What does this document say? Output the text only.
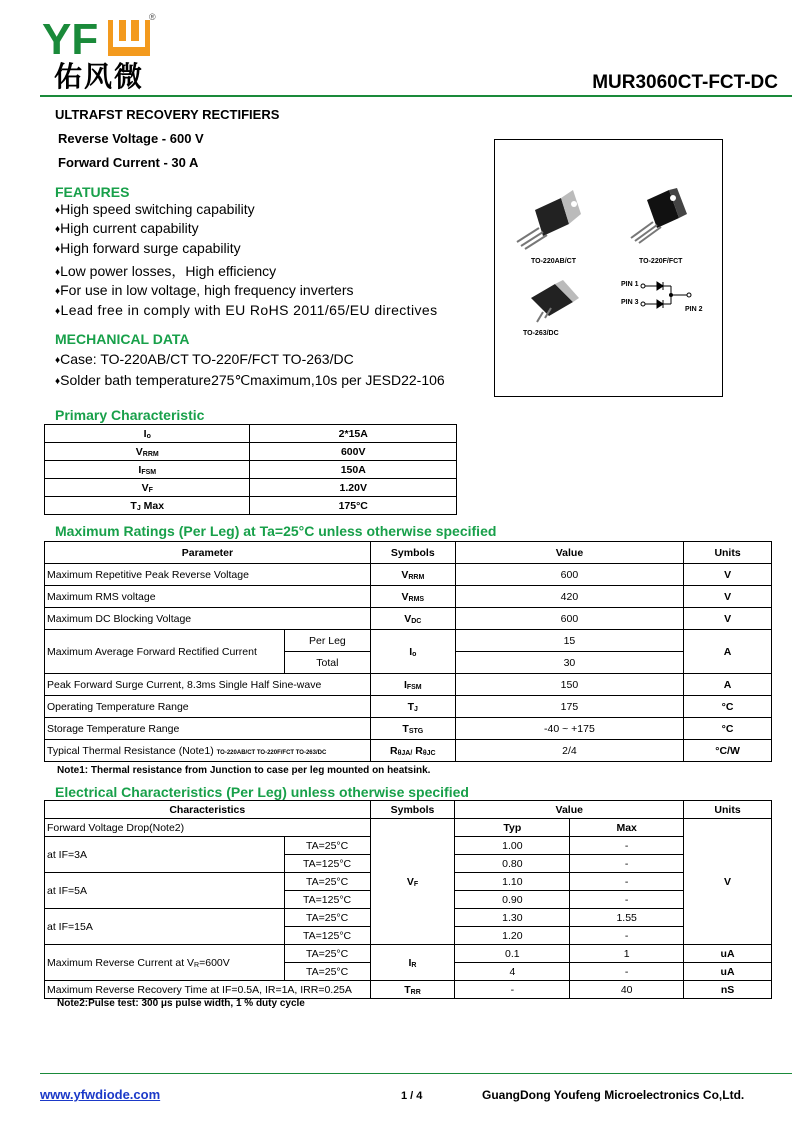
YF	®
佑风微	MUR3060CT-FCT-DC
ULTRAFST RECOVERY RECTIFIERS
Reverse Voltage - 600 V
Forward Current - 30 A
FEATURES
♦High speed switching capability
♦High current capability
♦High forward surge capability
♦Low power losses，High efficiency
♦For use in low voltage, high frequency inverters
♦Lead free in comply with EU RoHS 2011/65/EU directives
MECHANICAL DATA
♦Case: TO-220AB/CT TO-220F/FCT TO-263/DC
♦Solder bath temperature275℃maximum,10s per JESD22-106
TO-220AB/CT	TO-220F/FCT
TO-263/DC
PIN 1
PIN 3
PIN 2
Primary Characteristic
$I_o$	2*15A
$V_{RRM}$	600V
$I_{FSM}$	150A
$V_F$	1.20V
$T_J$ Max	175°C
Maximum Ratings (Per Leg) at Ta=25°C unless otherwise specified
Parameter		Symbols	Value	Units
Maximum Repetitive Peak Reverse Voltage		$V_{RRM}$	600	V
Maximum RMS voltage		$V_{RMS}$	420	V
Maximum DC Blocking Voltage		$V_{DC}$	600	V
Maximum Average Forward Rectified Current	Per Leg	$I_o$	15	A
	Total		30	
Peak Forward Surge Current, 8.3ms Single Half Sine-wave		$I_{FSM}$	150	A
Operating Temperature Range		$T_J$	175	°C
Storage Temperature Range		$T_{STG}$	-40 ~ +175	°C
Typical Thermal Resistance (Note1) TO-220AB/CT TO-220F/FCT TO-263/DC		$R_{\theta JA/}$ $R_{\theta JC}$	2/4	°C/W
Note1: Thermal resistance from Junction to case per leg mounted on heatsink.
Electrical Characteristics (Per Leg) unless otherwise specified
Characteristics		Symbols	Value		Units
Forward Voltage Drop(Note2)		$V_F$	Typ	Max	V
at IF=3A	TA=25°C		1.00	-	
	TA=125°C		0.80	-	
at IF=5A	TA=25°C		1.10	-	
	TA=125°C		0.90	-	
at IF=15A	TA=25°C		1.30	1.55	
	TA=125°C		1.20	-	
Maximum Reverse Current at $V_R=600V$	TA=25°C	$I_R$	0.1	1	uA
	TA=25°C		4	-	uA
Maximum Reverse Recovery Time at IF=0.5A, IR=1A, IRR=0.25A		$T_{RR}$	-	40	nS
Note2:Pulse test: 300 μs pulse width, 1 % duty cycle
www.yfwdiode.com	1 / 4	GuangDong Youfeng Microelectronics Co,Ltd.
